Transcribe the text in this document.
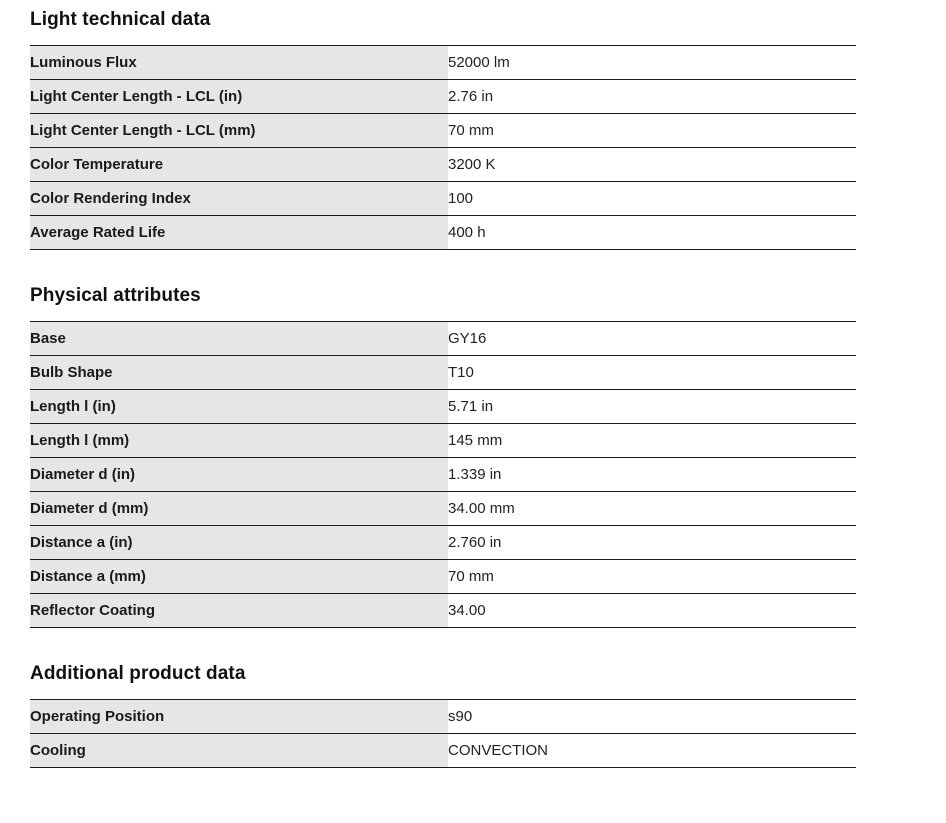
Light technical data
Luminous Flux	52000 lm
Light Center Length - LCL (in)	2.76 in
Light Center Length - LCL (mm)	70 mm
Color Temperature	3200 K
Color Rendering Index	100
Average Rated Life	400 h
Physical attributes
Base	GY16
Bulb Shape	T10
Length l (in)	5.71 in
Length l (mm)	145 mm
Diameter d (in)	1.339 in
Diameter d (mm)	34.00 mm
Distance a (in)	2.760 in
Distance a (mm)	70 mm
Reflector Coating	34.00
Additional product data
Operating Position	s90
Cooling	CONVECTION
